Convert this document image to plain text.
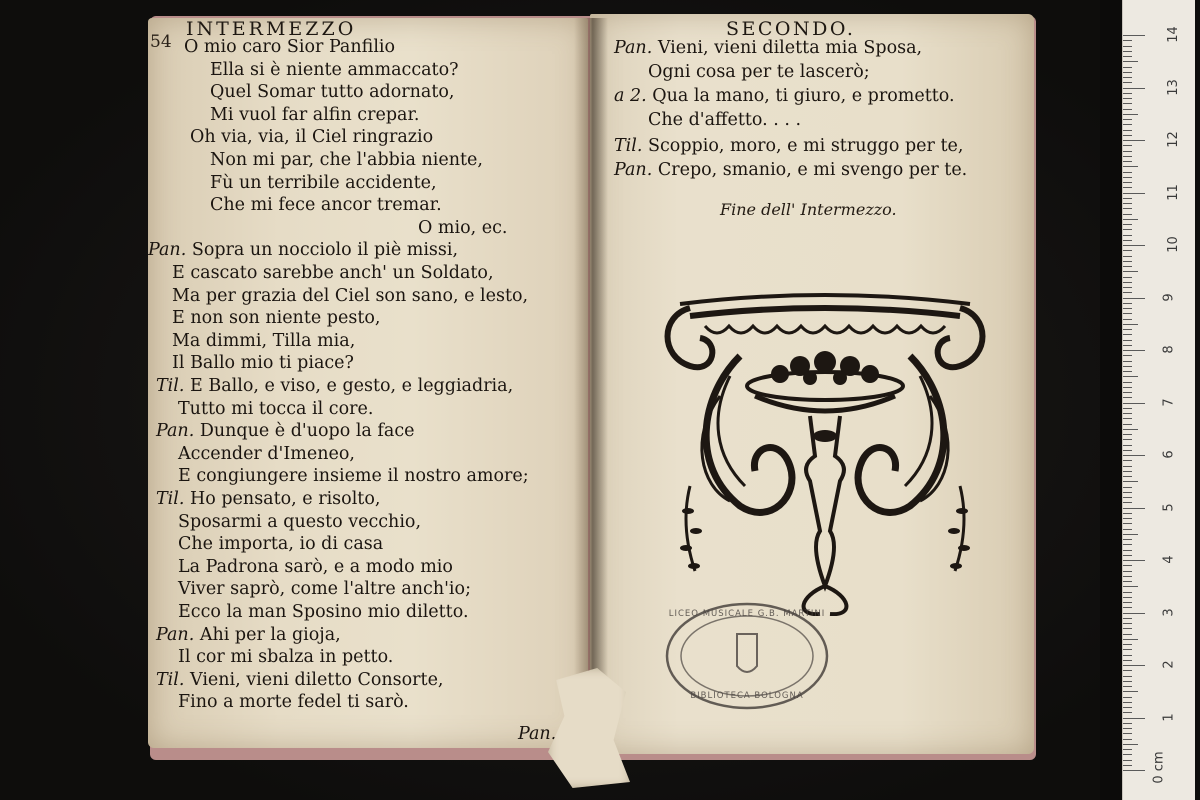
54
INTERMEZZO
O mio caro Sior Panfilio
Ella si è niente ammaccato?
Quel Somar tutto adornato,
Mi vuol far alfin crepar.
Oh via, via, il Ciel ringrazio
Non mi par, che l'abbia niente,
Fù un terribile accidente,
Che mi fece ancor tremar.
O mio, ec.
Pan. Sopra un nocciolo il piè missi,
E cascato sarebbe anch' un Soldato,
Ma per grazia del Ciel son sano, e lesto,
E non son niente pesto,
Ma dimmi, Tilla mia,
Il Ballo mio ti piace?
Til. E Ballo, e viso, e gesto, e leggiadria,
Tutto mi tocca il core.
Pan. Dunque è d'uopo la face
Accender d'Imeneo,
E congiungere insieme il nostro amore;
Til. Ho pensato, e risolto,
Sposarmi a questo vecchio,
Che importa, io di casa
La Padrona sarò, e a modo mio
Viver saprò, come l'altre anch'io;
Ecco la man Sposino mio diletto.
Pan. Ahi per la gioja,
Il cor mi sbalza in petto.
Til. Vieni, vieni diletto Consorte,
Fino a morte fedel ti sarò.
Pan.
SECONDO.
Pan. Vieni, vieni diletta mia Sposa,
Ogni cosa per te lascerò;
a 2. Qua la mano, ti giuro, e prometto.
Che d'affetto. . . .
Til. Scoppio, moro, e mi struggo per te,
Pan. Crepo, smanio, e mi svengo per te.
Fine dell' Intermezzo.
LICEO MUSICALE G.B. MARTINI
BIBLIOTECA BOLOGNA
1
2
3
4
5
6
7
8
9
10
11
12
13
14
0 cm
